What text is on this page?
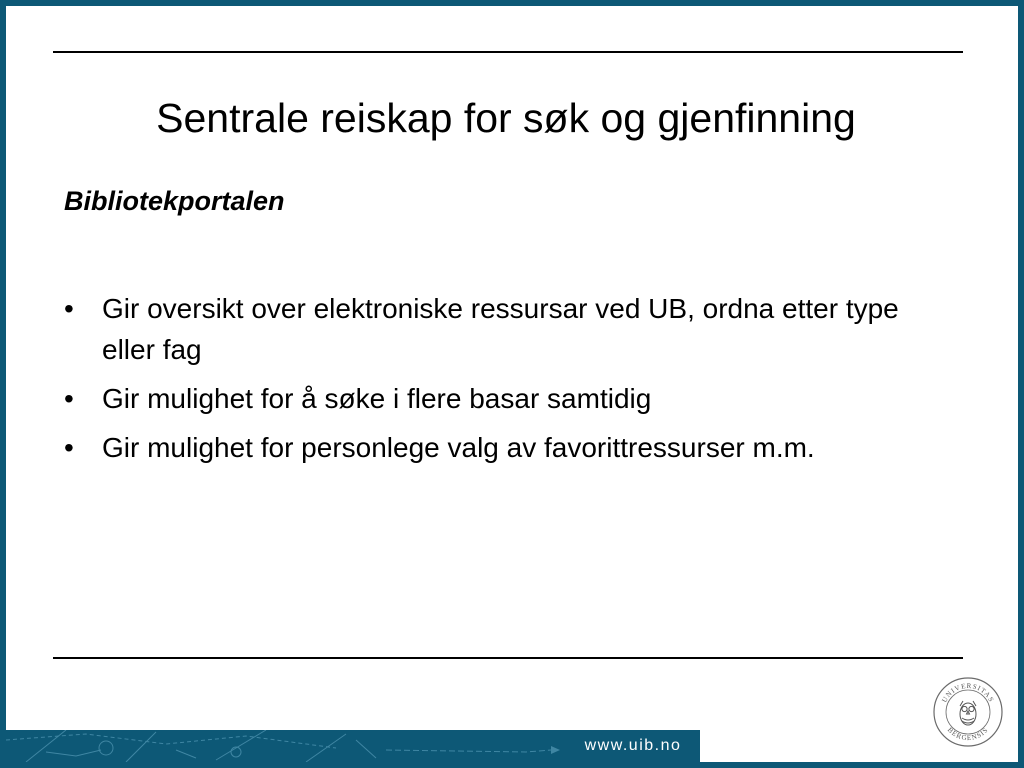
Sentrale reiskap for søk og gjenfinning

Bibliotekportalen

• Gir oversikt over elektroniske ressursar ved UB, ordna etter type eller fag
• Gir mulighet for å søke i flere basar samtidig
• Gir mulighet for personlege valg av favorittressurser m.m.
www.uib.no
UNIVERSITAS
BERGENSIS
